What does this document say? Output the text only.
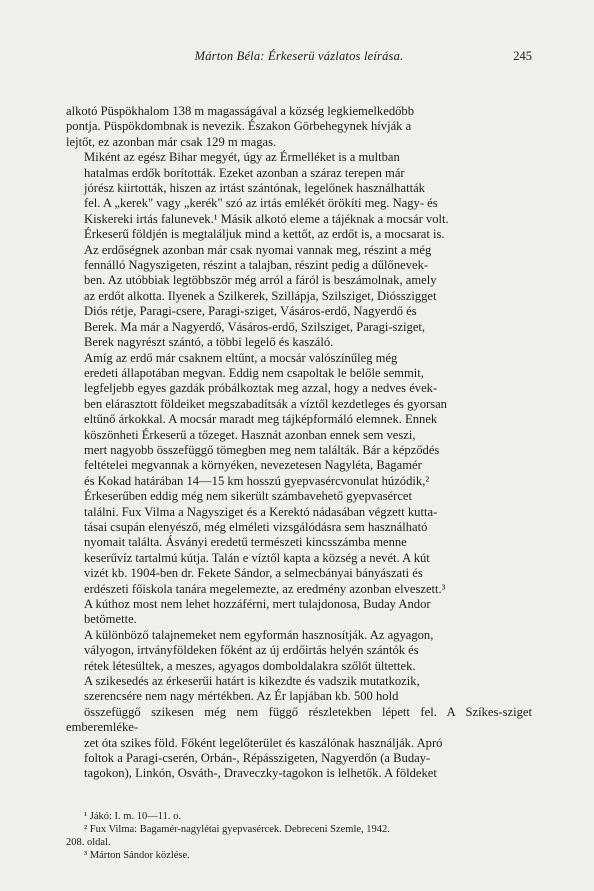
Márton Béla: Érkeserü vázlatos leírása.	245

alkotó Püspökhalom 138 m magasságával a község legkiemelkedőbb
pontja. Püspökdombnak is nevezik. Északon Görbehegynek hívják a
lejtőt, ez azonban már csak 129 m magas.

Miként az egész Bihar megyét, úgy az Érmelléket is a multban
hatalmas erdők borították. Ezeket azonban a száraz terepen már
jórész kiirtották, hiszen az irtást szántónak, legelőnek használhatták
fel. A „kerek" vagy „kerék" szó az irtás emlékét örökíti meg. Nagy- és
Kiskereki irtás falunevek.¹ Másik alkotó eleme a tájéknak a mocsár volt.
Érkeserű földjén is megtaláljuk mind a kettőt, az erdőt is, a mocsarat is.
Az erdőségnek azonban már csak nyomai vannak meg, részint a még
fennálló Nagyszigeten, részint a talajban, részint pedig a dűlőnevek-
ben. Az utóbbiak legtöbbször még arról a fáról is beszámolnak, amely
az erdőt alkotta. Ilyenek a Szilkerek, Szillápja, Szilsziget, Diósszigget
Diós rétje, Paragi-csere, Paragi-sziget, Vásáros-erdő, Nagyerdő és
Berek. Ma már a Nagyerdő, Vásáros-erdő, Szilsziget, Paragi-sziget,
Berek nagyrészt szántó, a többi legelő és kaszáló.

Amíg az erdő már csaknem eltűnt, a mocsár valószínűleg még
eredeti állapotában megvan. Eddig nem csapoltak le belőle semmit,
legfeljebb egyes gazdák próbálkoztak meg azzal, hogy a nedves évek-
ben elárasztott földeiket megszabadítsák a víztől kezdetleges és gyorsan
eltűnő árkokkal. A mocsár maradt meg tájképformáló elemnek. Ennek
köszönheti Érkeserű a tőzeget. Hasznát azonban ennek sem veszi,
mert nagyobb összefüggő tömegben meg nem találták. Bár a képződés
feltételei megvannak a környéken, nevezetesen Nagyléta, Bagamér
és Kokad határában 14—15 km hosszú gyepvasércvonulat húzódik,²
Érkeserűben eddig még nem sikerült számbavehető gyepvasércet
találni. Fux Vilma a Nagysziget és a Kerektó nádasában végzett kutta-
tásai csupán elenyésző, még elméleti vizsgálódásra sem használható
nyomait találta. Ásványi eredetű természeti kincsszámba menne
keserűvíz tartalmú kútja. Talán e víztől kapta a község a nevét. A kút
vizét kb. 1904-ben dr. Fekete Sándor, a selmecbányai bányászati és
erdészeti főiskola tanára megelemezte, az eredmény azonban elveszett.³
A kúthoz most nem lehet hozzáférni, mert tulajdonosa, Buday Andor
betömette.

A különböző talajnemeket nem egyformán hasznosítják. Az agyagon,
vályogon, irtványföldeken főként az új erdőirtás helyén szántók és
rétek létesültek, a meszes, agyagos domboldalakra szőlőt ültettek.

A szikesedés az érkeserűi határt is kikezdte és vadszik mutatkozik,
szerencsére nem nagy mértékben. Az Ér lapjában kb. 500 hold
összefüggő szikesen még nem függő részletekben lépett fel. A Szíkes-sziget emberemléke-
zet óta szikes föld. Főként legelőterület és kaszálónak használják. Apró
foltok a Paragi-cserén, Orbán-, Répásszigeten, Nagyerdőn (a Buday-
tagokon), Linkón, Osváth-, Draveczky-tagokon is lelhetők. A földeket

¹ Jákó: I. m. 10—11. o.
² Fux Vilma: Bagamér-nagylétai gyepvasércek. Debreceni Szemle, 1942.
208. oldal.
³ Márton Sándor közlése.
